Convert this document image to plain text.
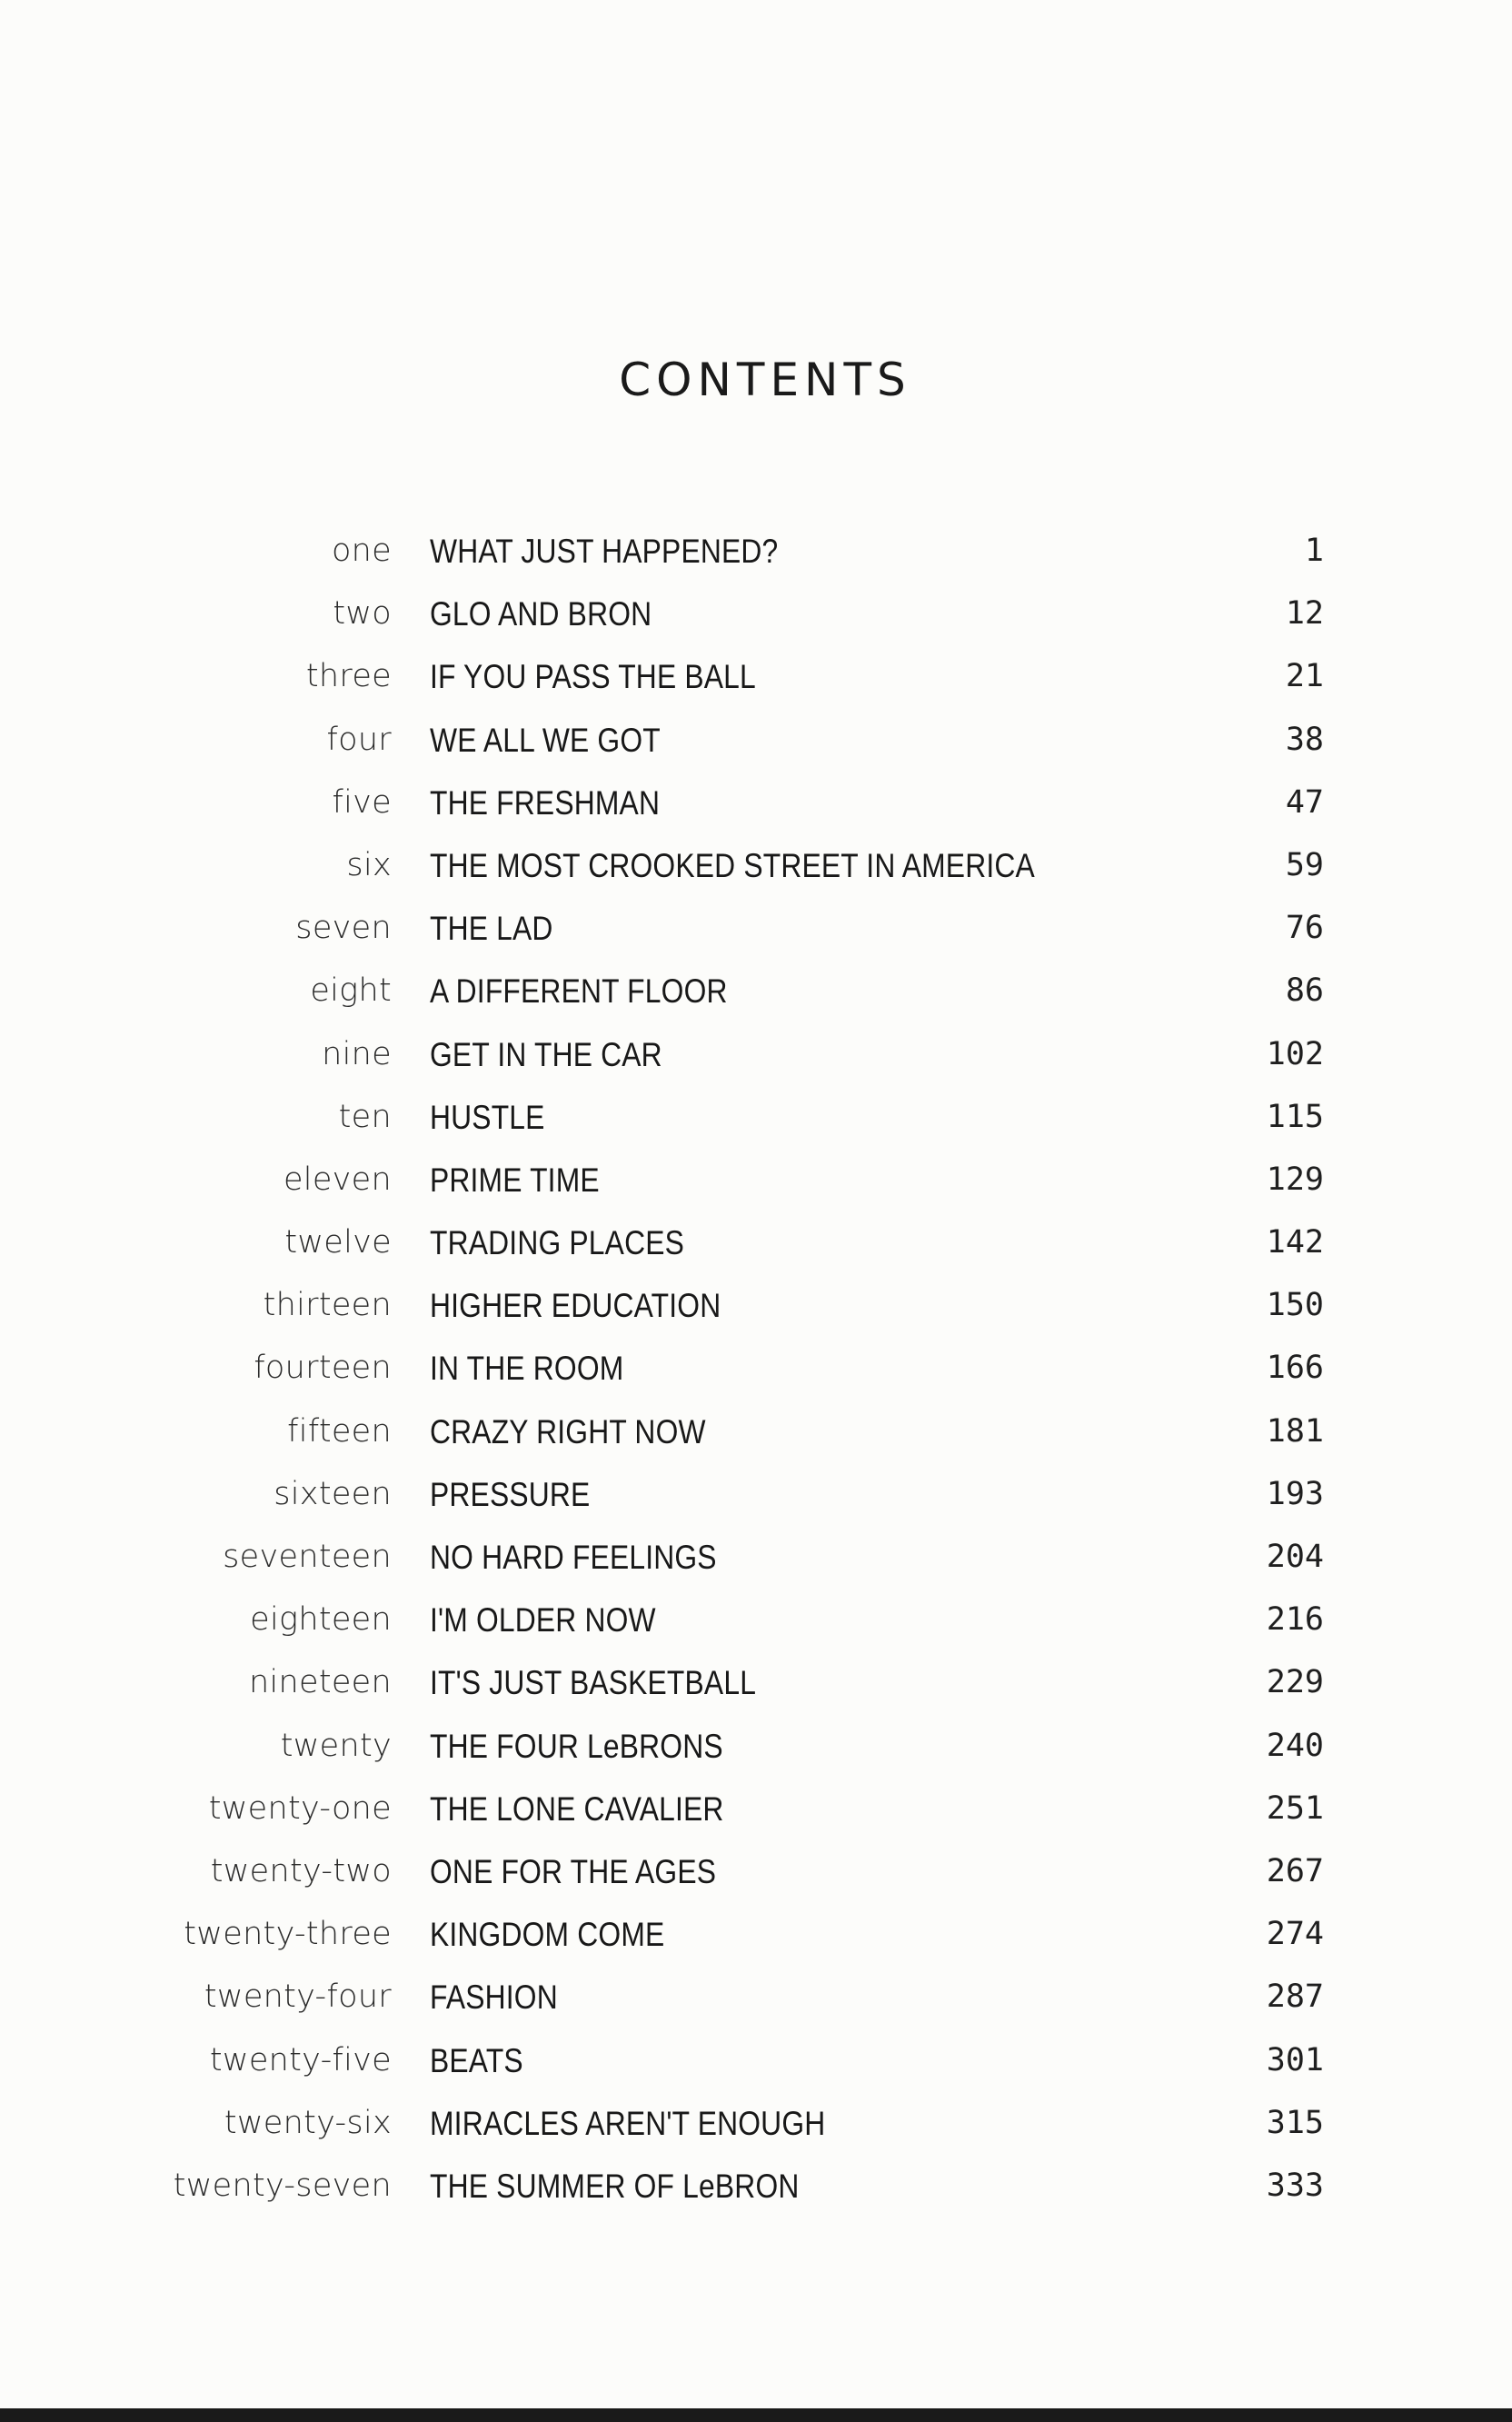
CONTENTS
one WHAT JUST HAPPENED?	1
two GLO AND BRON	12
three IF YOU PASS THE BALL	21
four WE ALL WE GOT	38
five THE FRESHMAN	47
six THE MOST CROOKED STREET IN AMERICA	59
seven THE LAD	76
eight A DIFFERENT FLOOR	86
nine GET IN THE CAR	102
ten HUSTLE	115
eleven PRIME TIME	129
twelve TRADING PLACES	142
thirteen HIGHER EDUCATION	150
fourteen IN THE ROOM	166
fifteen CRAZY RIGHT NOW	181
sixteen PRESSURE	193
seventeen NO HARD FEELINGS	204
eighteen I'M OLDER NOW	216
nineteen IT'S JUST BASKETBALL	229
twenty THE FOUR LeBRONS	240
twenty-one THE LONE CAVALIER	251
twenty-two ONE FOR THE AGES	267
twenty-three KINGDOM COME	274
twenty-four FASHION	287
twenty-five BEATS	301
twenty-six MIRACLES AREN'T ENOUGH	315
twenty-seven THE SUMMER OF LeBRON	333
